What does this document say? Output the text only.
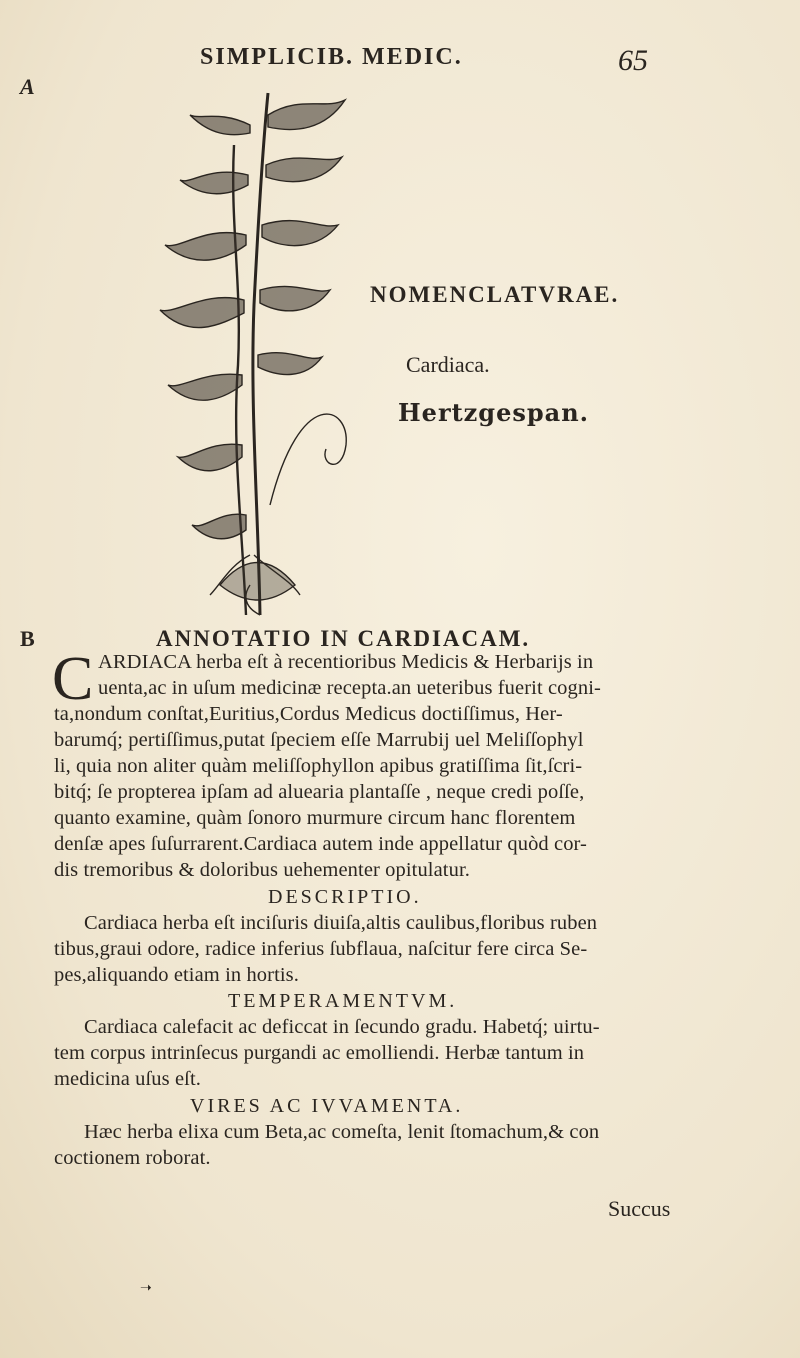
SIMPLICIB. MEDIC.	65
A
B
NOMENCLATVRAE.
Cardiaca.
Hertzgespan.
ANNOTATIO IN CARDIACAM.
C ARDIACA herba eſt à recentioribus Medicis & Herbarijs in
uenta,ac in uſum medicinæ recepta.an ueteribus fuerit cogni-
ta,nondum conſtat,Euritius,Cordus Medicus doctiſſimus, Her-
barumq́; pertiſſimus,putat ſpeciem eſſe Marrubij uel Meliſſophyl
li, quia non aliter quàm meliſſophyllon apibus gratiſſima ſit,ſcri-
bitq́; ſe propterea ipſam ad aluearia plantaſſe , neque credi poſſe,
quanto examine, quàm ſonoro murmure circum hanc florentem
denſæ apes ſuſurrarent.Cardiaca autem inde appellatur quòd cor-
dis tremoribus & doloribus uehementer opitulatur.
DESCRIPTIO.
Cardiaca herba eſt inciſuris diuiſa,altis caulibus,floribus ruben
tibus,graui odore, radice inferius ſubflaua, naſcitur fere circa Se-
pes,aliquando etiam in hortis.
TEMPERAMENTVM.
Cardiaca calefacit ac deficcat in ſecundo gradu. Habetq́; uirtu-
tem corpus intrinſecus purgandi ac emolliendi. Herbæ tantum in
medicina uſus eſt.
VIRES AC IVVAMENTA.
Hæc herba elixa cum Beta,ac comeſta, lenit ſtomachum,& con
coctionem roborat.
Succus
➝
